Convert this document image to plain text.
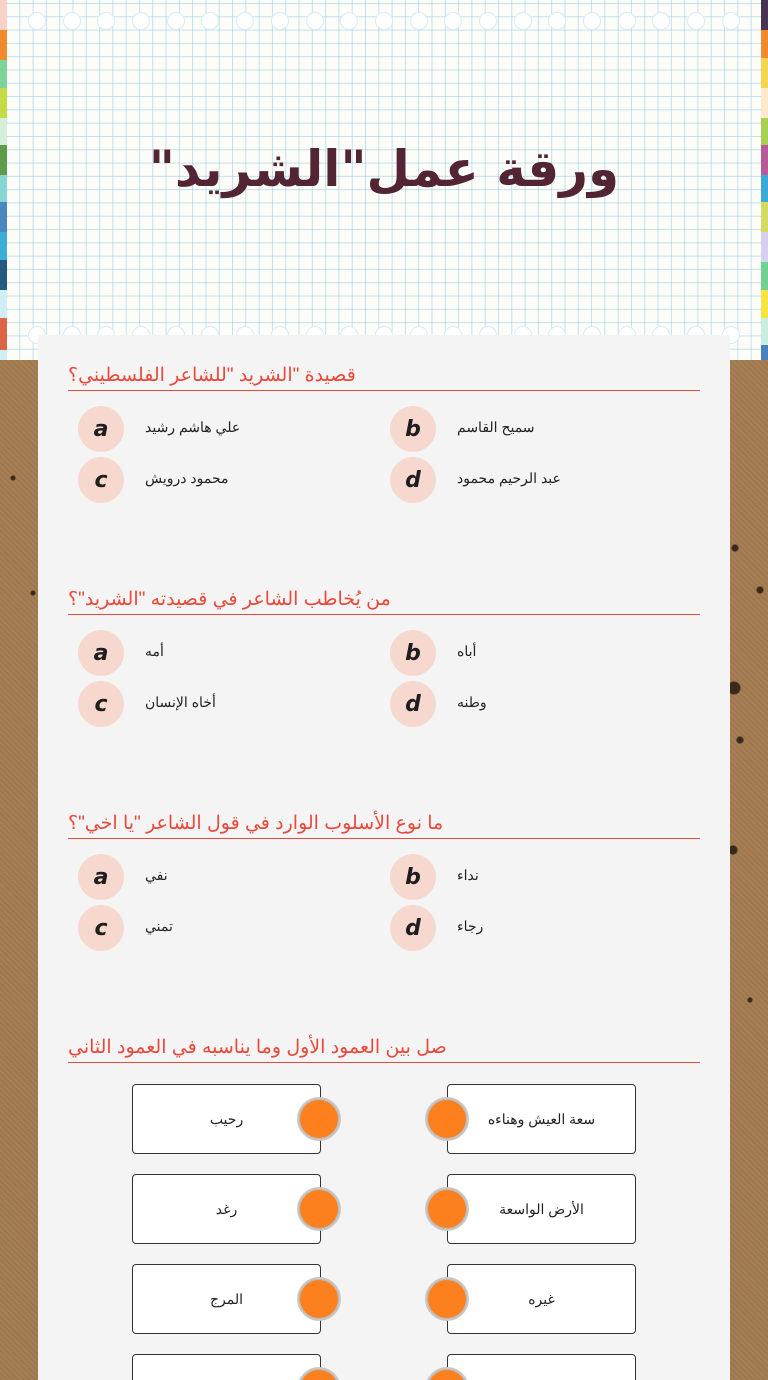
ورقة عمل"الشريد"
قصيدة "الشريد "للشاعر الفلسطيني؟
a	علي هاشم رشيد	b	سميح القاسم
c	محمود درويش	d	عبد الرحيم محمود
من يُخاطب الشاعر في قصيدته "الشريد"؟
a	أمه	b	أباه
c	أخاه الإنسان	d	وطنه
ما نوع الأسلوب الوارد في قول الشاعر "يا اخي"؟
a	نفي	b	نداء
c	تمني	d	رجاء
صل بين العمود الأول وما يناسبه في العمود الثاني
رحيب	سعة العيش وهناءه
رغد	الأرض الواسعة
المرج	غيره
